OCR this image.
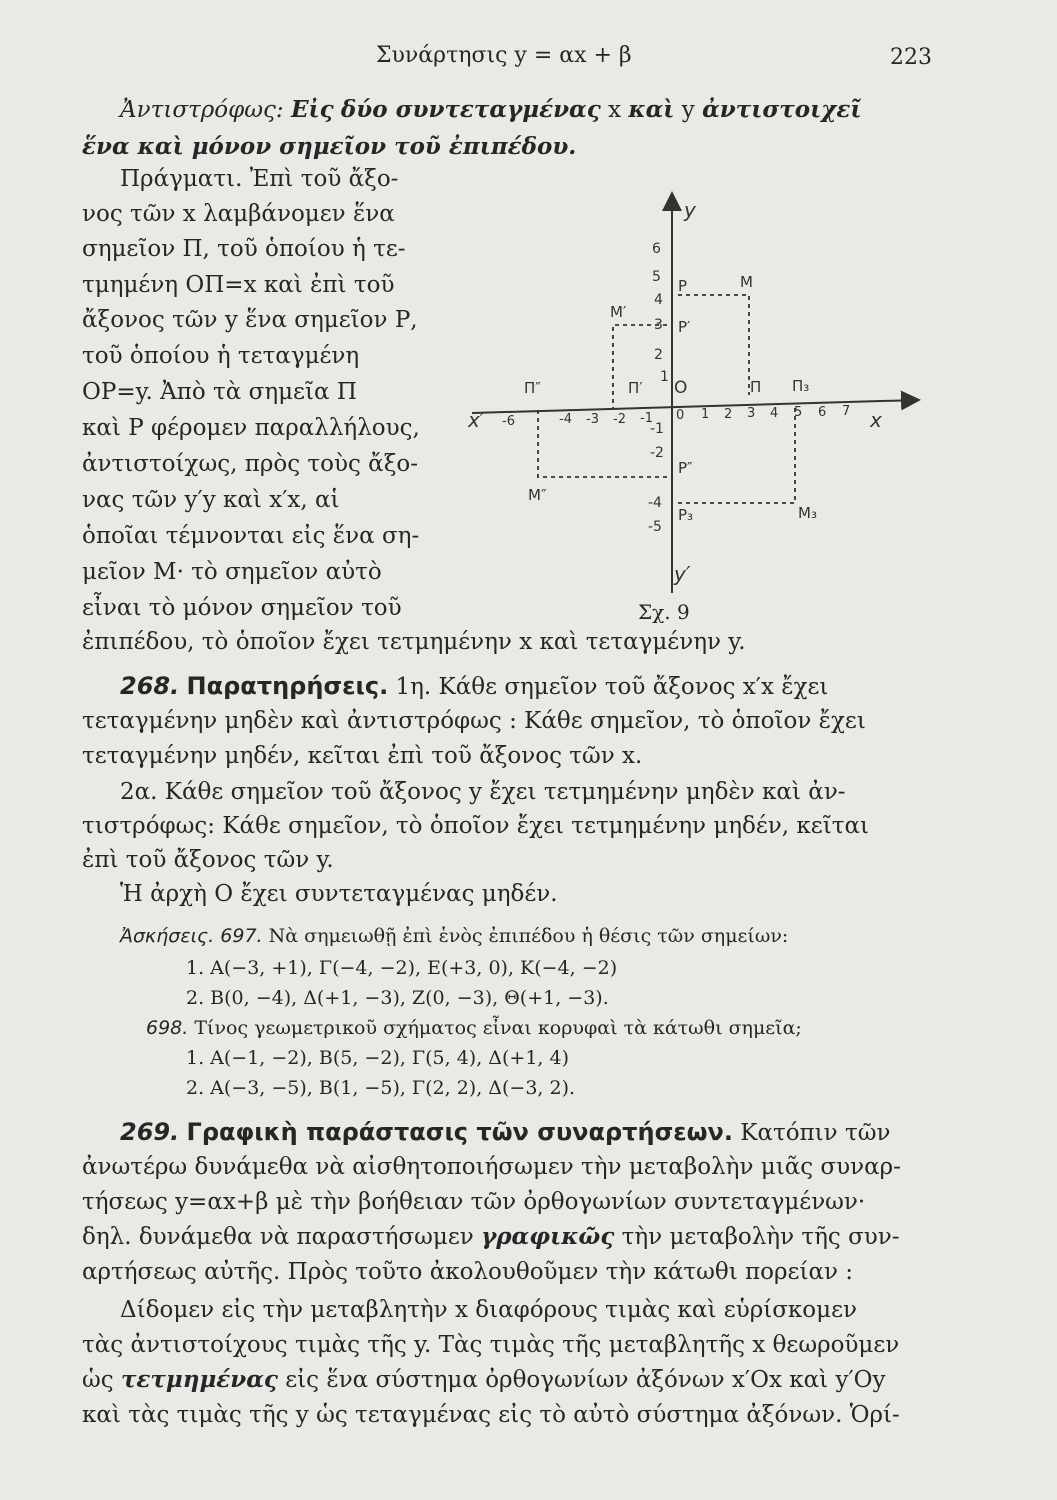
Συνάρτησις y = αx + β	223
Ἀντιστρόφως: Εἰς δύο συντεταγμένας x καὶ y ἀντιστοιχεῖ
ἕνα καὶ μόνον σημεῖον τοῦ ἐπιπέδου.
Πράγματι. Ἐπὶ τοῦ ἄξο-
νος τῶν x λαμβάνομεν ἕνα
σημεῖον Π, τοῦ ὁποίου ἡ τε-
τμημένη ΟΠ=x καὶ ἐπὶ τοῦ
ἄξονος τῶν y ἕνα σημεῖον Ρ,
τοῦ ὁποίου ἡ τεταγμένη
ΟΡ=y. Ἀπὸ τὰ σημεῖα Π
καὶ Ρ φέρομεν παραλλήλους,
ἀντιστοίχως, πρὸς τοὺς ἄξο-
νας τῶν y′y καὶ x′x, αἱ
ὁποῖαι τέμνονται εἰς ἕνα ση-
μεῖον Μ· τὸ σημεῖον αὐτὸ
εἶναι τὸ μόνον σημεῖον τοῦ
ἐπιπέδου, τὸ ὁποῖον ἔχει τετμημένην x καὶ τεταγμένην y.
x
x′
y
y′
O
-6	-4 -3 -2 -1 0 1 2 3 4 5 6 7
6
5
4
3
2
1
-1
-2
-4
-5
M
M′
M″
M₃
P
P′
P″
P₃
Π
Π′
Π″	Π₃
Σχ. 9
268. Παρατηρήσεις. 1η. Κάθε σημεῖον τοῦ ἄξονος x′x ἔχει
τεταγμένην μηδὲν καὶ ἀντιστρόφως : Κάθε σημεῖον, τὸ ὁποῖον ἔχει
τεταγμένην μηδέν, κεῖται ἐπὶ τοῦ ἄξονος τῶν x.
2α. Κάθε σημεῖον τοῦ ἄξονος y ἔχει τετμημένην μηδὲν καὶ ἀν-
τιστρόφως: Κάθε σημεῖον, τὸ ὁποῖον ἔχει τετμημένην μηδέν, κεῖται
ἐπὶ τοῦ ἄξονος τῶν y.
Ἡ ἀρχὴ Ο ἔχει συντεταγμένας μηδέν.
Ἀσκήσεις. 697. Νὰ σημειωθῇ ἐπὶ ἑνὸς ἐπιπέδου ἡ θέσις τῶν σημείων:
1. Α(−3, +1), Γ(−4, −2), Ε(+3, 0), Κ(−4, −2)
2. Β(0, −4), Δ(+1, −3), Ζ(0, −3), Θ(+1, −3).
698. Τίνος γεωμετρικοῦ σχήματος εἶναι κορυφαὶ τὰ κάτωθι σημεῖα;
1. Α(−1, −2), Β(5, −2), Γ(5, 4), Δ(+1, 4)
2. Α(−3, −5), Β(1, −5), Γ(2, 2), Δ(−3, 2).
269. Γραφικὴ παράστασις τῶν συναρτήσεων. Κατόπιν τῶν
ἀνωτέρω δυνάμεθα νὰ αἰσθητοποιήσωμεν τὴν μεταβολὴν μιᾶς συναρ-
τήσεως y=αx+β μὲ τὴν βοήθειαν τῶν ὀρθογωνίων συντεταγμένων·
δηλ. δυνάμεθα νὰ παραστήσωμεν γραφικῶς τὴν μεταβολὴν τῆς συν-
αρτήσεως αὐτῆς. Πρὸς τοῦτο ἀκολουθοῦμεν τὴν κάτωθι πορείαν :
Δίδομεν εἰς τὴν μεταβλητὴν x διαφόρους τιμὰς καὶ εὑρίσκομεν
τὰς ἀντιστοίχους τιμὰς τῆς y. Τὰς τιμὰς τῆς μεταβλητῆς x θεωροῦμεν
ὡς τετμημένας εἰς ἕνα σύστημα ὀρθογωνίων ἀξόνων x′Οx καὶ y′Οy
καὶ τὰς τιμὰς τῆς y ὡς τεταγμένας εἰς τὸ αὐτὸ σύστημα ἀξόνων. Ὁρί-
